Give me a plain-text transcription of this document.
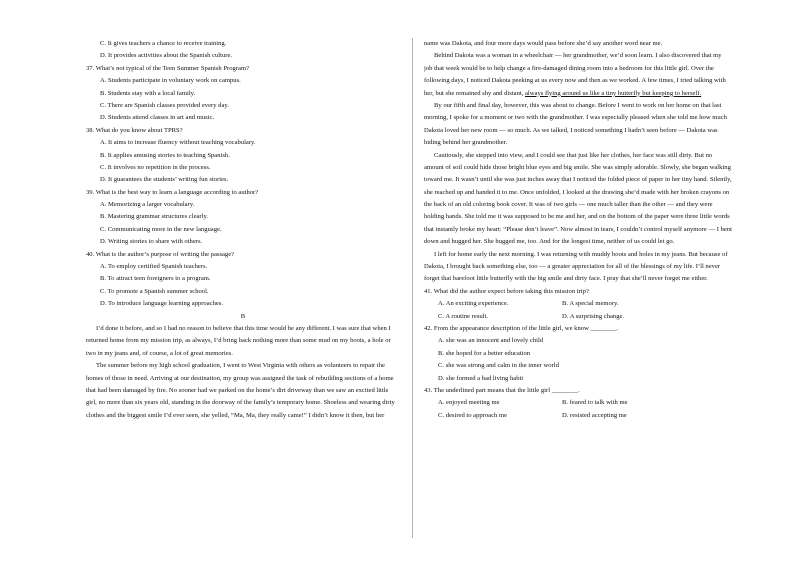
C. It gives teachers a chance to receive training.
D. It provides activities about the Spanish culture.
37. What’s not typical of the Teen Summer Spanish Program?
A. Students participate in voluntary work on campus.
B. Students stay with a local family.
C. There are Spanish classes provided every day.
D. Students attend classes in art and music.
38. What do you know about TPRS?
A. It aims to increase fluency without teaching vocabulary.
B. It applies amusing stories to teaching Spanish.
C. It involves no repetition in the process.
D. It guarantees the students’ writing fun stories.
39. What is the best way to learn a language according to author?
A. Memorizing a larger vocabulary.
B. Mastering grammar structures clearly.
C. Communicating more in the new language.
D. Writing stories to share with others.
40. What is the author’s purpose of writing the passage?
A. To employ certified Spanish teachers.
B. To attract teen foreigners to a program.
C. To promote a Spanish summer school.
D. To introduce language learning approaches.
B
I’d done it before, and so I had no reason to believe that this time would be any different. I was sure that when I
returned home from my mission trip, as always, I’d bring back nothing more than some mud on my boots, a hole or
two in my jeans and, of course, a lot of great memories.
The summer before my high school graduation, I went to West Virginia with others as volunteers to repair the
homes of those in need. Arriving at our destination, my group was assigned the task of rebuilding sections of a home
that had been damaged by fire. No sooner had we parked on the home’s dirt driveway than we saw an excited little
girl, no more than six years old, standing in the doorway of the family’s temporary home. Shoeless and wearing dirty
clothes and the biggest smile I’d ever seen, she yelled, “Ma, Ma, they really came!” I didn’t know it then, but her
name was Dakota, and four more days would pass before she’d say another word near me.
Behind Dakota was a woman in a wheelchair — her grandmother, we’d soon learn. I also discovered that my
job that week would be to help change a fire-damaged dining room into a bedroom for this little girl. Over the
following days, I noticed Dakota peeking at us every now and then as we worked. A few times, I tried talking with
her, but she remained shy and distant, always flying around us like a tiny butterfly but keeping to herself.
By our fifth and final day, however, this was about to change. Before I went to work on her home on that last
morning, I spoke for a moment or two with the grandmother. I was especially pleased when she told me how much
Dakota loved her new room — so much. As we talked, I noticed something I hadn’t seen before — Dakota was
hiding behind her grandmother.
Cautiously, she stepped into view, and I could see that just like her clothes, her face was still dirty. But no
amount of soil could hide those bright blue eyes and big smile. She was simply adorable. Slowly, she began walking
toward me. It wasn’t until she was just inches away that I noticed the folded piece of paper in her tiny hand. Silently,
she reached up and handed it to me. Once unfolded, I looked at the drawing she’d made with her broken crayons on
the back of an old coloring book cover. It was of two girls — one much taller than the other — and they were
holding hands. She told me it was supposed to be me and her, and on the bottom of the paper were three little words
that instantly broke my heart: “Please don’t leave”. Now almost in tears, I couldn’t control myself anymore — I bent
down and hugged her. She hugged me, too. And for the longest time, neither of us could let go.
I left for home early the next morning. I was returning with muddy boots and holes in my jeans. But because of
Dakota, I brought back something else, too — a greater appreciation for all of the blessings of my life. I’ll never
forget that barefoot little butterfly with the big smile and dirty face. I pray that she’ll never forget me either.
41. What did the author expect before taking this mission trip?
A. An exciting experience.	B. A special memory.
C. A routine result.	D. A surprising change.
42. From the appearance description of the little girl, we know ________.
A. she was an innocent and lovely child
B. she hoped for a better education
C. she was strong and calm in the inner world
D. she formed a bad living habit
43. The underlined part means that the little girl ________.
A. enjoyed meeting me	B. feared to talk with me
C. desired to approach me	D. resisted accepting me
